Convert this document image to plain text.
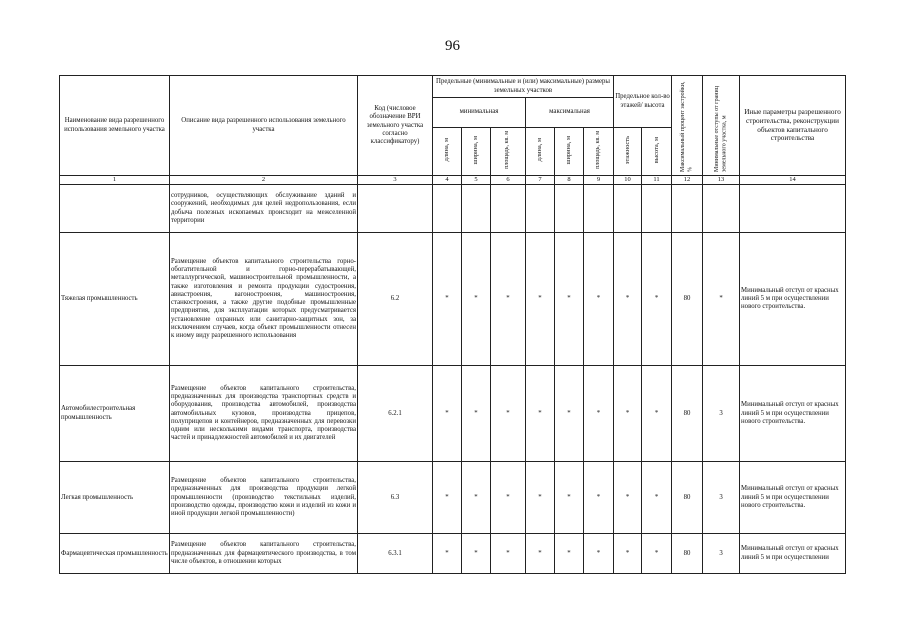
96
Наименование вида разрешенного использования земельного участка	Описание вида разрешенного использования земельного участка	Код (числовое обозначение ВРИ земельного участка согласно классификатору)	Предельные (минимальные и (или) максимальные) размеры земельных участков						Предельное кол-во этажей/ высота		Максимальный процент застройки, %	Минимальные отступы от границ земельного участка, м	Иные параметры разрешенного строительства, реконструкции объектов капитального строительства
			минимальная			максимальная							
			длина, м	ширина, м	площадь, кв. м	длина, м	ширина, м	площадь, кв. м	этажность	высота, м			
1	2	3	4	5	6	7	8	9	10	11	12	13	14

	сотрудников, осуществляющих обслуживание зданий и сооружений, необходимых для целей недропользования, если добыча полезных ископаемых происходит на межселенной территории												

Тяжелая промышленность	Размещение объектов капитального строительства горно-обогатительной и горно-перерабатывающей, металлургической, машиностроительной промышленности, а также изготовления и ремонта продукции судостроения, авиастроения, вагоностроения, машиностроения, станкостроения, а также другие подобные промышленные предприятия, для эксплуатации которых предусматривается установление охранных или санитарно-защитных зон, за исключением случаев, когда объект промышленности отнесен к иному виду разрешенного использования	6.2	*	*	*	*	*	*	*	*	80	*	Минимальный отступ от красных линий 5 м при осуществлении нового строительства.
Автомобилестроительная промышленность	Размещение объектов капитального строительства, предназначенных для производства транспортных средств и оборудования, производства автомобилей, производства автомобильных кузовов, производства прицепов, полуприцепов и контейнеров, предназначенных для перевозки одним или несколькими видами транспорта, производства частей и принадлежностей автомобилей и их двигателей	6.2.1	*	*	*	*	*	*	*	*	80	3	Минимальный отступ от красных линий 5 м при осуществлении нового строительства.
Легкая промышленность	Размещение объектов капитального строительства, предназначенных для производства продукции легкой промышленности (производство текстильных изделий, производство одежды, производство кожи и изделий из кожи и иной продукции легкой промышленности)	6.3	*	*	*	*	*	*	*	*	80	3	Минимальный отступ от красных линий 5 м при осуществлении нового строительства.
Фармацевтическая промышленность	Размещение объектов капитального строительства, предназначенных для фармацевтического производства, в том числе объектов, в отношении которых	6.3.1	*	*	*	*	*	*	*	*	80	3	Минимальный отступ от красных линий 5 м при осуществлении
